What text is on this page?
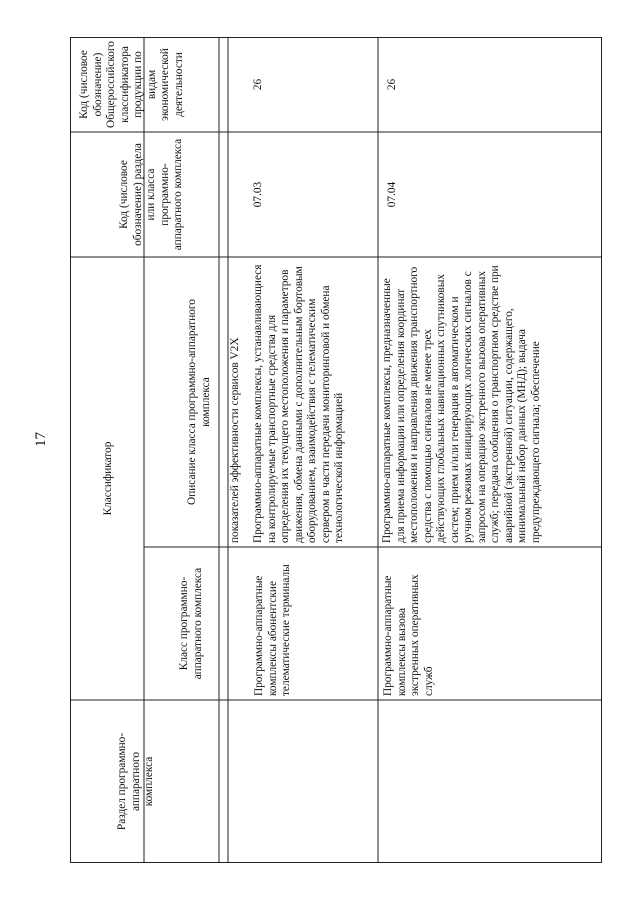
17
Классификатор
Раздел программно-аппаратного комплекса
Класс программно-аппаратного комплекса
Описание класса программно-аппаратного комплекса
Код (числовое обозначение) раздела или класса программно-аппаратного комплекса
Код (числовое обозначение) Общероссийского классификатора продукции по видам экономической деятельности
показателей эффективности сервисов V2X
Программно-аппаратные комплексы абонентские телематические терминалы
Программно-аппаратные комплексы, устанавливающиеся на контролируемые транспортные средства для определения их текущего местоположения и параметров движения, обмена данными с дополнительным бортовым оборудованием, взаимодействия с телематическим сервером в части передачи мониторинговой и обмена технологической информацией
07.03
26
Программно-аппаратные комплексы вызова экстренных оперативных служб
Программно-аппаратные комплексы, предназначенные для приема информации или определения координат местоположения и направления движения транспортного средства с помощью сигналов не менее трех действующих глобальных навигационных спутниковых систем; прием и/или генерация в автоматическом и ручном режимах инициирующих логических сигналов с запросом на операцию экстренного вызова оперативных служб; передача сообщения о транспортном средстве при аварийной (экстренной) ситуации, содержащего, минимальный набор данных (МНД); выдача предупреждающего сигнала; обеспечение
07.04
26
